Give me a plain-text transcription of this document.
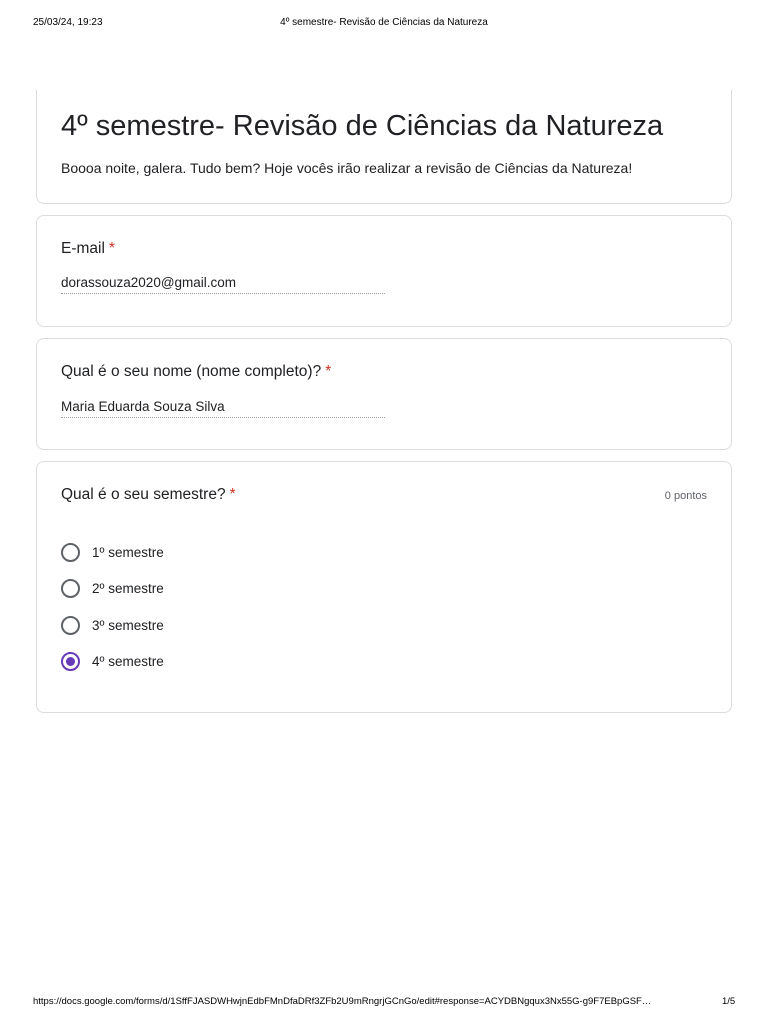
25/03/24, 19:23	4º semestre- Revisão de Ciências da Natureza
4º semestre- Revisão de Ciências da Natureza

Boooa noite, galera. Tudo bem? Hoje vocês irão realizar a revisão de Ciências da Natureza!

E-mail *
dorassouza2020@gmail.com
Qual é o seu nome (nome completo)? *
Maria Eduarda Souza Silva
Qual é o seu semestre? *	0 pontos
1º semestre
2º semestre
3º semestre
4º semestre
https://docs.google.com/forms/d/1SffFJASDWHwjnEdbFMnDfaDRf3ZFb2U9mRngrjGCnGo/edit#response=ACYDBNgqux3Nx55G-g9F7EBpGSF…	1/5
